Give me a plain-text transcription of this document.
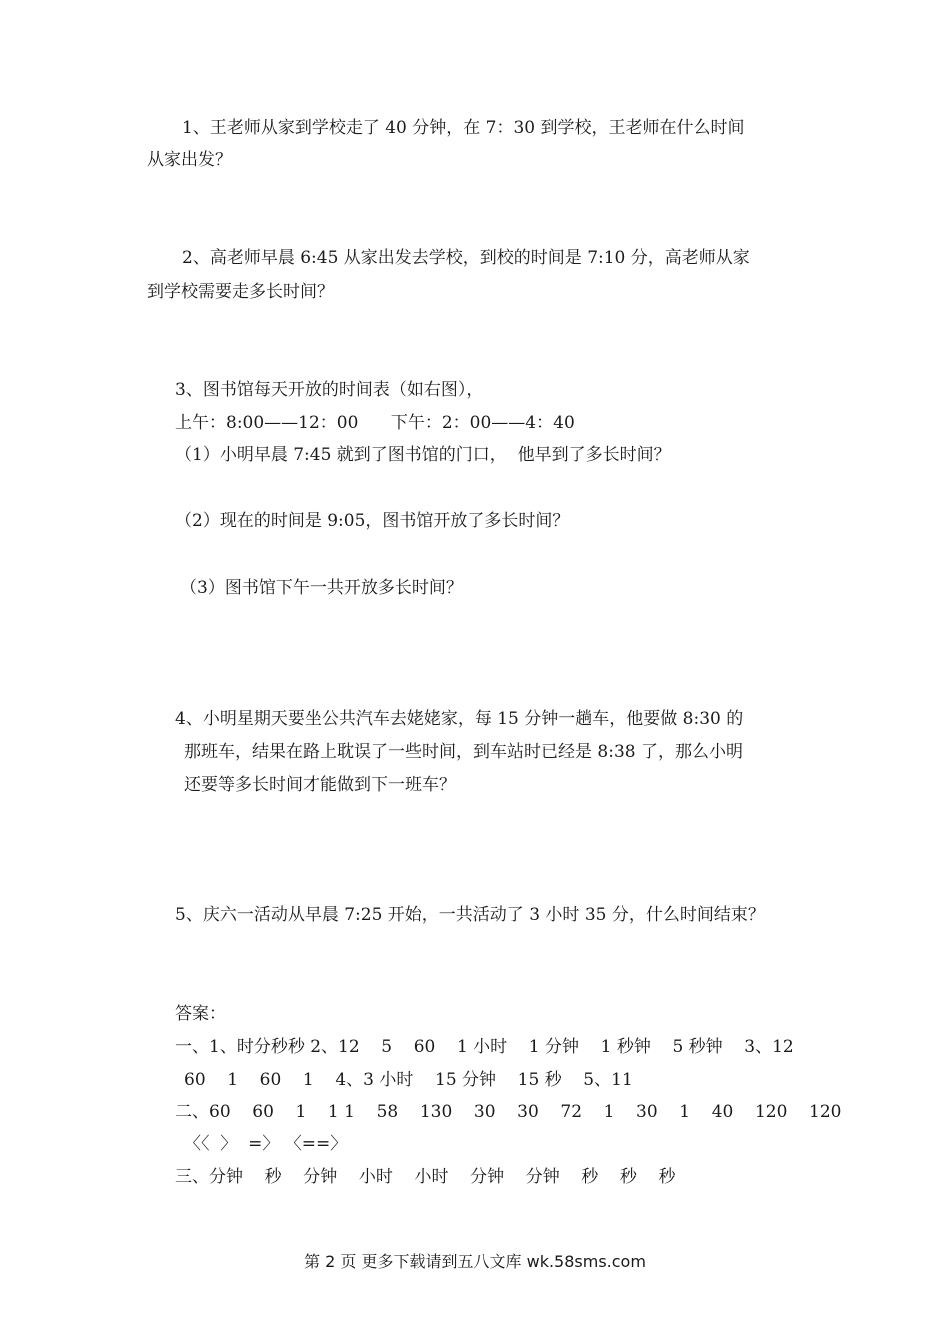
1、王老师从家到学校走了 40 分钟，在 7：30 到学校，王老师在什么时间
从家出发？
2、高老师早晨 6:45 从家出发去学校，到校的时间是 7:10 分，高老师从家
到学校需要走多长时间？
3、图书馆每天开放的时间表（如右图），
上午：8:00——12：00      下午：2：00——4：40
（1）小明早晨 7:45 就到了图书馆的门口，  他早到了多长时间？
（2）现在的时间是 9:05，图书馆开放了多长时间？
（3）图书馆下午一共开放多长时间？
4、小明星期天要坐公共汽车去姥姥家，每 15 分钟一趟车，他要做 8:30 的
那班车，结果在路上耽误了一些时间，到车站时已经是 8:38 了，那么小明
还要等多长时间才能做到下一班车？
5、庆六一活动从早晨 7:25 开始，一共活动了 3 小时 35 分，什么时间结束？
答案：
一、1、时分秒秒 2、12    5    60    1 小时    1 分钟    1 秒钟    5 秒钟    3、12
60    1    60    1    4、3 小时    15 分钟    15 秒    5、11
二、60    60    1    1 1    58    130    30    30    72    1    30    1    40    120    120
〈〈  〉  =〉 〈==〉
三、分钟    秒    分钟    小时    小时    分钟    分钟    秒    秒    秒
第 2 页 更多下载请到五八文库 wk.58sms.com
